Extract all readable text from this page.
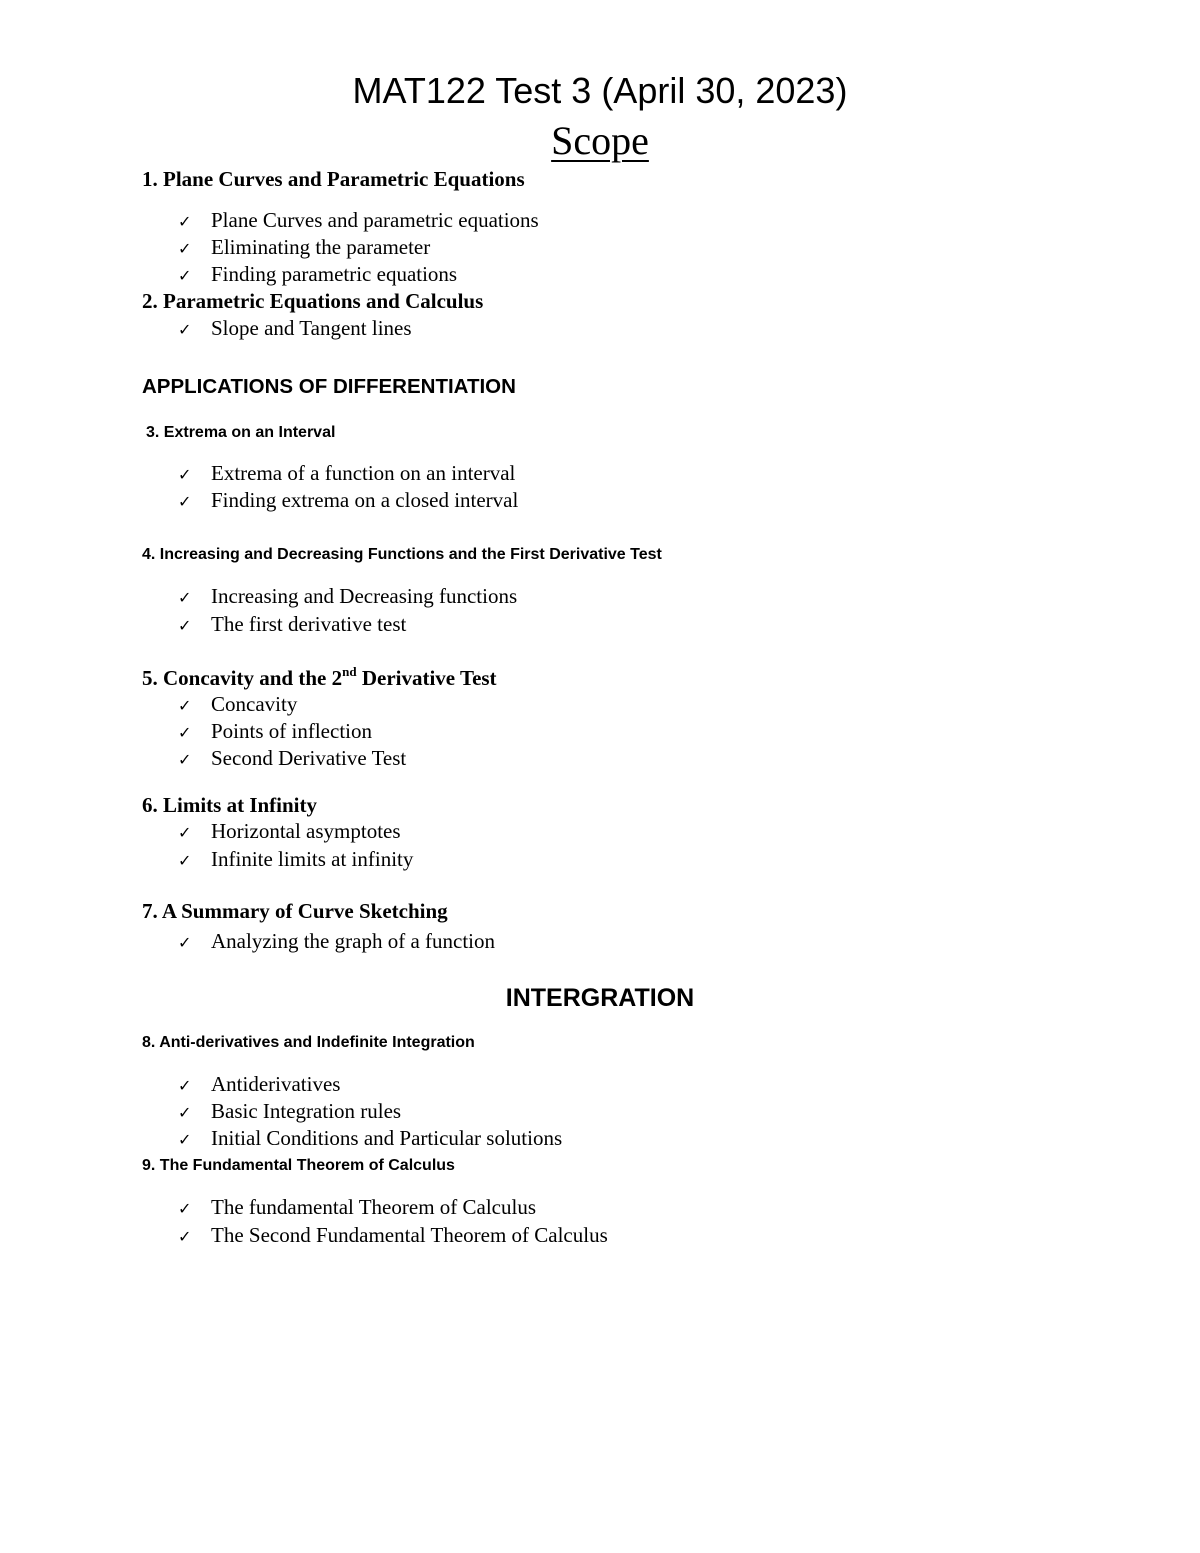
MAT122 Test 3 (April 30, 2023)
Scope
1. Plane Curves and Parametric Equations
✓ Plane Curves and parametric equations
✓ Eliminating the parameter
✓ Finding parametric equations
2. Parametric Equations and Calculus
✓ Slope and Tangent lines
APPLICATIONS OF DIFFERENTIATION
3. Extrema on an Interval
✓ Extrema of a function on an interval
✓ Finding extrema on a closed interval
4. Increasing and Decreasing Functions and the First Derivative Test
✓ Increasing and Decreasing functions
✓ The first derivative test
5. Concavity and the 2nd Derivative Test
✓ Concavity
✓ Points of inflection
✓ Second Derivative Test
6. Limits at Infinity
✓ Horizontal asymptotes
✓ Infinite limits at infinity
7. A Summary of Curve Sketching
✓ Analyzing the graph of a function
INTERGRATION
8. Anti-derivatives and Indefinite Integration
✓ Antiderivatives
✓ Basic Integration rules
✓ Initial Conditions and Particular solutions
9. The Fundamental Theorem of Calculus
✓ The fundamental Theorem of Calculus
✓ The Second Fundamental Theorem of Calculus
